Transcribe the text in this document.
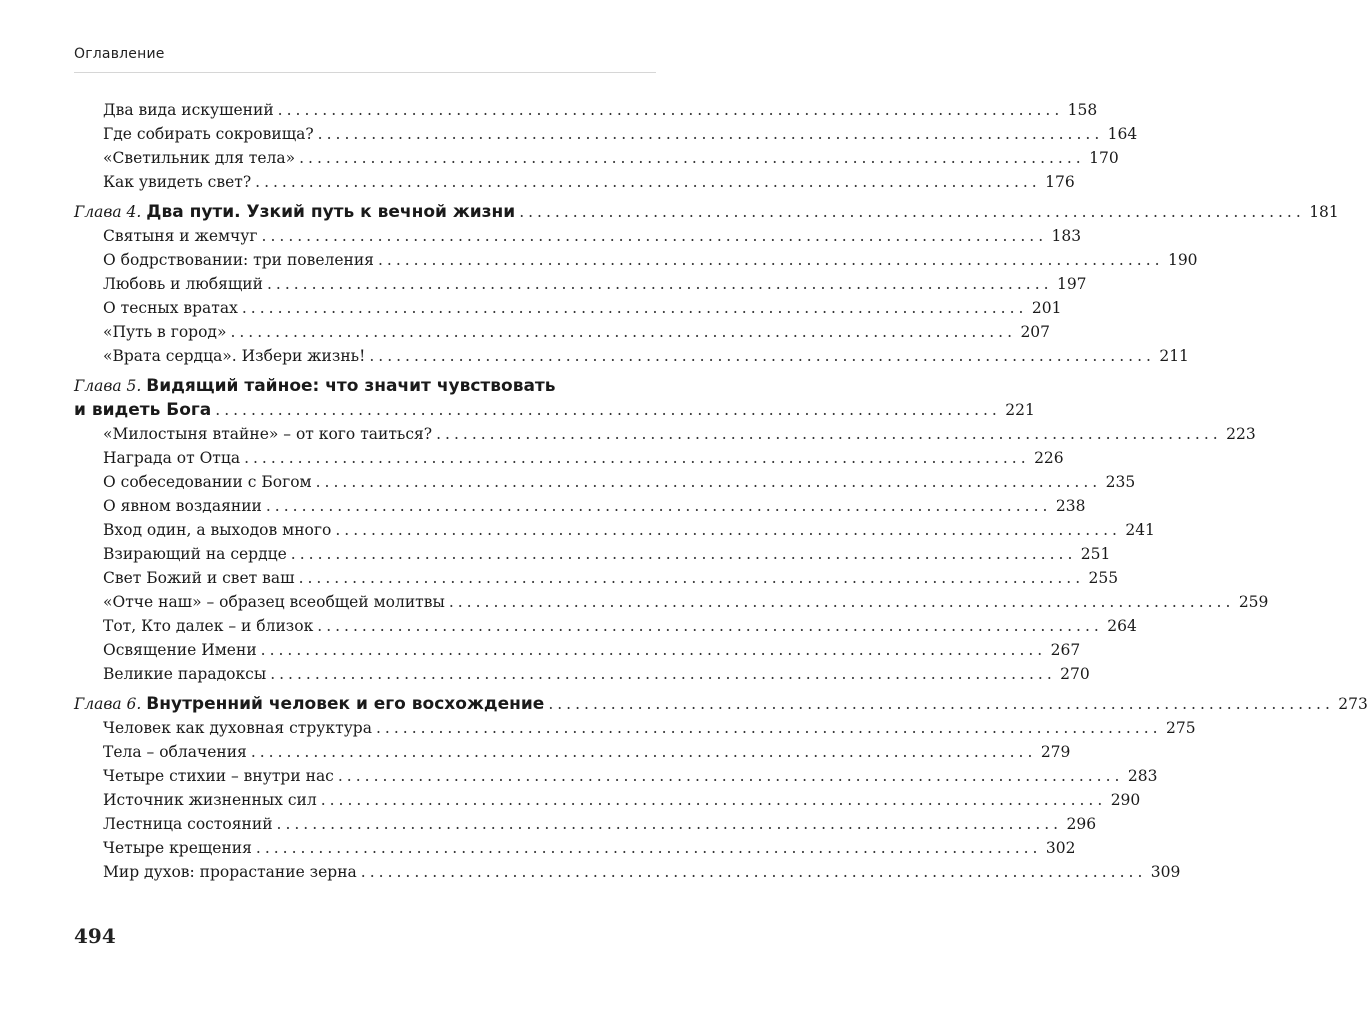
Оглавление
Два вида искушений ........................................................................................ 158
Где собирать сокровища? ........................................................................................ 164
«Светильник для тела» ........................................................................................ 170
Как увидеть свет? ........................................................................................ 176
Глава 4. Два пути. Узкий путь к вечной жизни ........................................................................................ 181
Святыня и жемчуг ........................................................................................ 183
О бодрствовании: три повеления ........................................................................................ 190
Любовь и любящий ........................................................................................ 197
О тесных вратах ........................................................................................ 201
«Путь в город» ........................................................................................ 207
«Врата сердца». Избери жизнь! ........................................................................................ 211
Глава 5. Видящий тайное: что значит чувствовать
и видеть Бога ........................................................................................ 221
«Милостыня втайне» – от кого таиться? ........................................................................................ 223
Награда от Отца ........................................................................................ 226
О собеседовании с Богом ........................................................................................ 235
О явном воздаянии ........................................................................................ 238
Вход один, а выходов много ........................................................................................ 241
Взирающий на сердце ........................................................................................ 251
Свет Божий и свет ваш ........................................................................................ 255
«Отче наш» – образец всеобщей молитвы ........................................................................................ 259
Тот, Кто далек – и близок ........................................................................................ 264
Освящение Имени ........................................................................................ 267
Великие парадоксы ........................................................................................ 270
Глава 6. Внутренний человек и его восхождение ........................................................................................ 273
Человек как духовная структура ........................................................................................ 275
Тела – облачения ........................................................................................ 279
Четыре стихии – внутри нас ........................................................................................ 283
Источник жизненных сил ........................................................................................ 290
Лестница состояний ........................................................................................ 296
Четыре крещения ........................................................................................ 302
Мир духов: прорастание зерна ........................................................................................ 309
494
